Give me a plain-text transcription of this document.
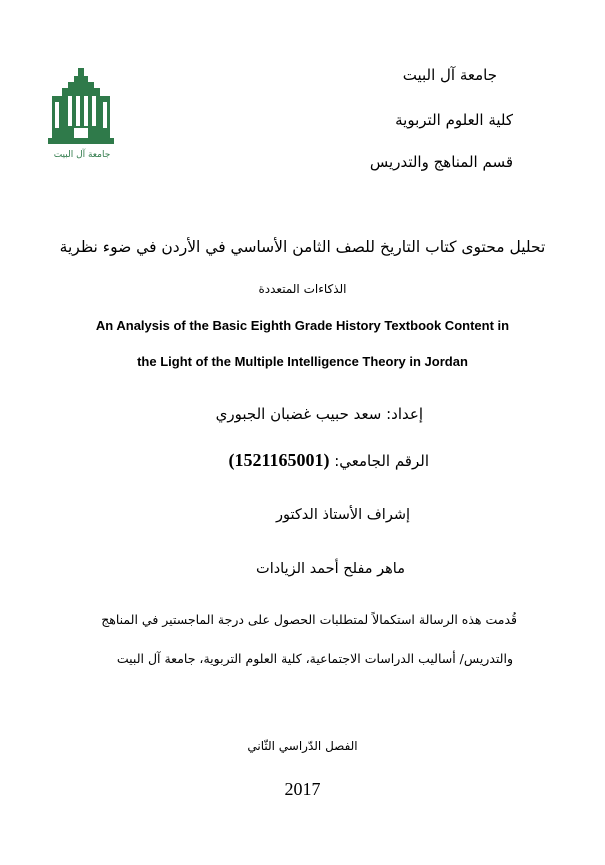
جامعة آل البيت
جامعة آل البيت
كلية العلوم التربوية
قسم المناهج والتدريس
تحليل محتوى كتاب التاريخ للصف الثامن الأساسي في الأردن في ضوء نظرية
الذكاءات المتعددة
An Analysis of the Basic Eighth Grade History Textbook Content in
the Light of the Multiple Intelligence Theory in Jordan
إعداد: سعد حبيب غضبان الجبوري
الرقم الجامعي: (1521165001)
إشراف الأستاذ الدكتور
ماهر مفلح أحمد الزيادات
قُدمت هذه الرسالة استكمالاً لمتطلبات الحصول على درجة الماجستير في المناهج
والتدريس/ أساليب الدراسات الاجتماعية، كلية العلوم التربوية، جامعة آل البيت
الفصل الدّراسي الثّاني
2017
